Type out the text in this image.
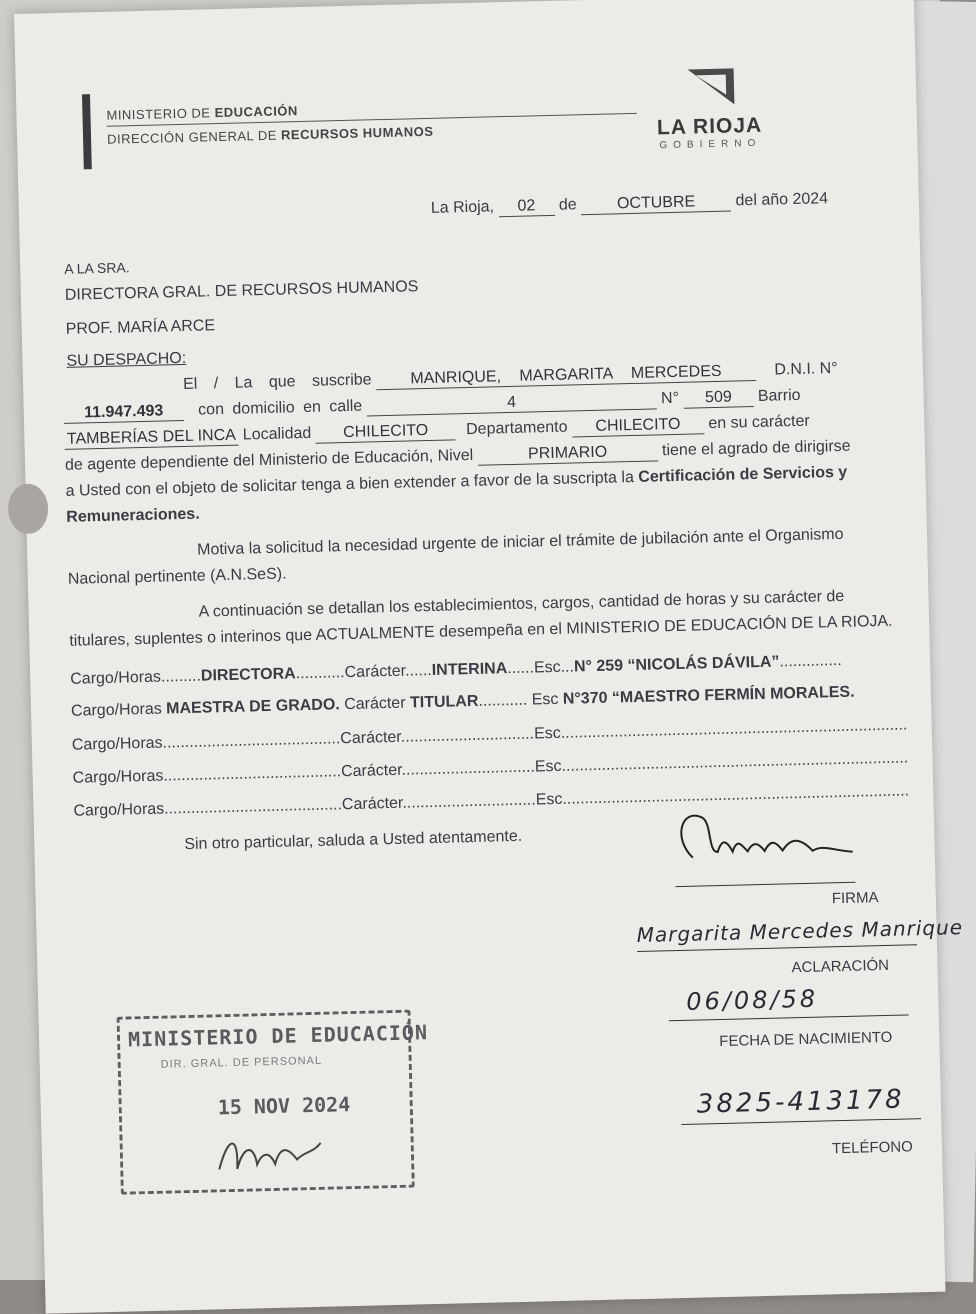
MINISTERIO DE EDUCACIÓN
DIRECCIÓN GENERAL DE RECURSOS HUMANOS	LA RIOJA
GOBIERNO
La Rioja, 02 de OCTUBRE del año 2024
A LA SRA.
DIRECTORA GRAL. DE RECURSOS HUMANOS
PROF. MARÍA ARCE
SU DESPACHO:
El / La que suscribe MANRIQUE, MARGARITA MERCEDES	D.N.I. N°
11.947.493 con domicilio en calle	4	N° 509 Barrio
TAMBERÍAS DEL INCA Localidad CHILECITO Departamento CHILECITO en su carácter
de agente dependiente del Ministerio de Educación, Nivel	PRIMARIO	tiene el agrado de dirigirse
a Usted con el objeto de solicitar tenga a bien extender a favor de la suscripta la Certificación de Servicios y
Remuneraciones.
Motiva la solicitud la necesidad urgente de iniciar el trámite de jubilación ante el Organismo
Nacional pertinente (A.N.SeS).
A continuación se detallan los establecimientos, cargos, cantidad de horas y su carácter de
titulares, suplentes o interinos que ACTUALMENTE desempeña en el MINISTERIO DE EDUCACIÓN DE LA RIOJA.
Cargo/Horas.........DIRECTORA...........Carácter......INTERINA......Esc...N° 259 “NICOLÁS DÁVILA”..............
Cargo/Horas MAESTRA DE GRADO. Carácter TITULAR........... Esc N°370 “MAESTRO FERMÍN MORALES.
Cargo/Horas........................................Carácter..............................Esc..............................................................................
Cargo/Horas........................................Carácter..............................Esc..............................................................................
Cargo/Horas........................................Carácter..............................Esc..............................................................................
Sin otro particular, saluda a Usted atentamente.
FIRMA
Margarita Mercedes Manrique
ACLARACIÓN
06/08/58
FECHA DE NACIMIENTO
3825-413178
TELÉFONO
MINISTERIO DE EDUCACIÓN
DIR. GRAL. DE PERSONAL
15 NOV 2024
